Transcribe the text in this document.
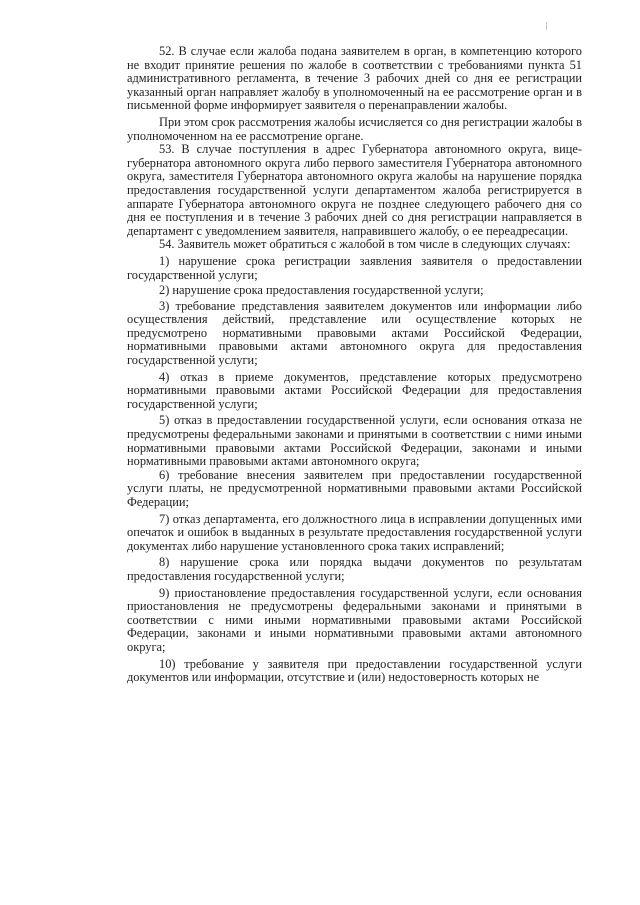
52. В случае если жалоба подана заявителем в орган, в компетенцию которого не входит принятие решения по жалобе в соответствии с требованиями пункта 51 административного регламента, в течение 3 рабочих дней со дня ее регистрации указанный орган направляет жалобу в уполномоченный на ее рассмотрение орган и в письменной форме информирует заявителя о перенаправлении жалобы.

При этом срок рассмотрения жалобы исчисляется со дня регистрации жалобы в уполномоченном на ее рассмотрение органе.

53. В случае поступления в адрес Губернатора автономного округа, вице-губернатора автономного округа либо первого заместителя Губернатора автономного округа, заместителя Губернатора автономного округа жалобы на нарушение порядка предоставления государственной услуги департаментом жалоба регистрируется в аппарате Губернатора автономного округа не позднее следующего рабочего дня со дня ее поступления и в течение 3 рабочих дней со дня регистрации направляется в департамент с уведомлением заявителя, направившего жалобу, о ее переадресации.

54. Заявитель может обратиться с жалобой в том числе в следующих случаях:

1) нарушение срока регистрации заявления заявителя о предоставлении государственной услуги;

2) нарушение срока предоставления государственной услуги;

3) требование представления заявителем документов или информации либо осуществления действий, представление или осуществление которых не предусмотрено нормативными правовыми актами Российской Федерации, нормативными правовыми актами автономного округа для предоставления государственной услуги;

4) отказ в приеме документов, представление которых предусмотрено нормативными правовыми актами Российской Федерации для предоставления государственной услуги;

5) отказ в предоставлении государственной услуги, если основания отказа не предусмотрены федеральными законами и принятыми в соответствии с ними иными нормативными правовыми актами Российской Федерации, законами и иными нормативными правовыми актами автономного округа;

6) требование внесения заявителем при предоставлении государственной услуги платы, не предусмотренной нормативными правовыми актами Российской Федерации;

7) отказ департамента, его должностного лица в исправлении допущенных ими опечаток и ошибок в выданных в результате предоставления государственной услуги документах либо нарушение установленного срока таких исправлений;

8) нарушение срока или порядка выдачи документов по результатам предоставления государственной услуги;

9) приостановление предоставления государственной услуги, если основания приостановления не предусмотрены федеральными законами и принятыми в соответствии с ними иными нормативными правовыми актами Российской Федерации, законами и иными нормативными правовыми актами автономного округа;

10) требование у заявителя при предоставлении государственной услуги документов или информации, отсутствие и (или) недостоверность которых не
